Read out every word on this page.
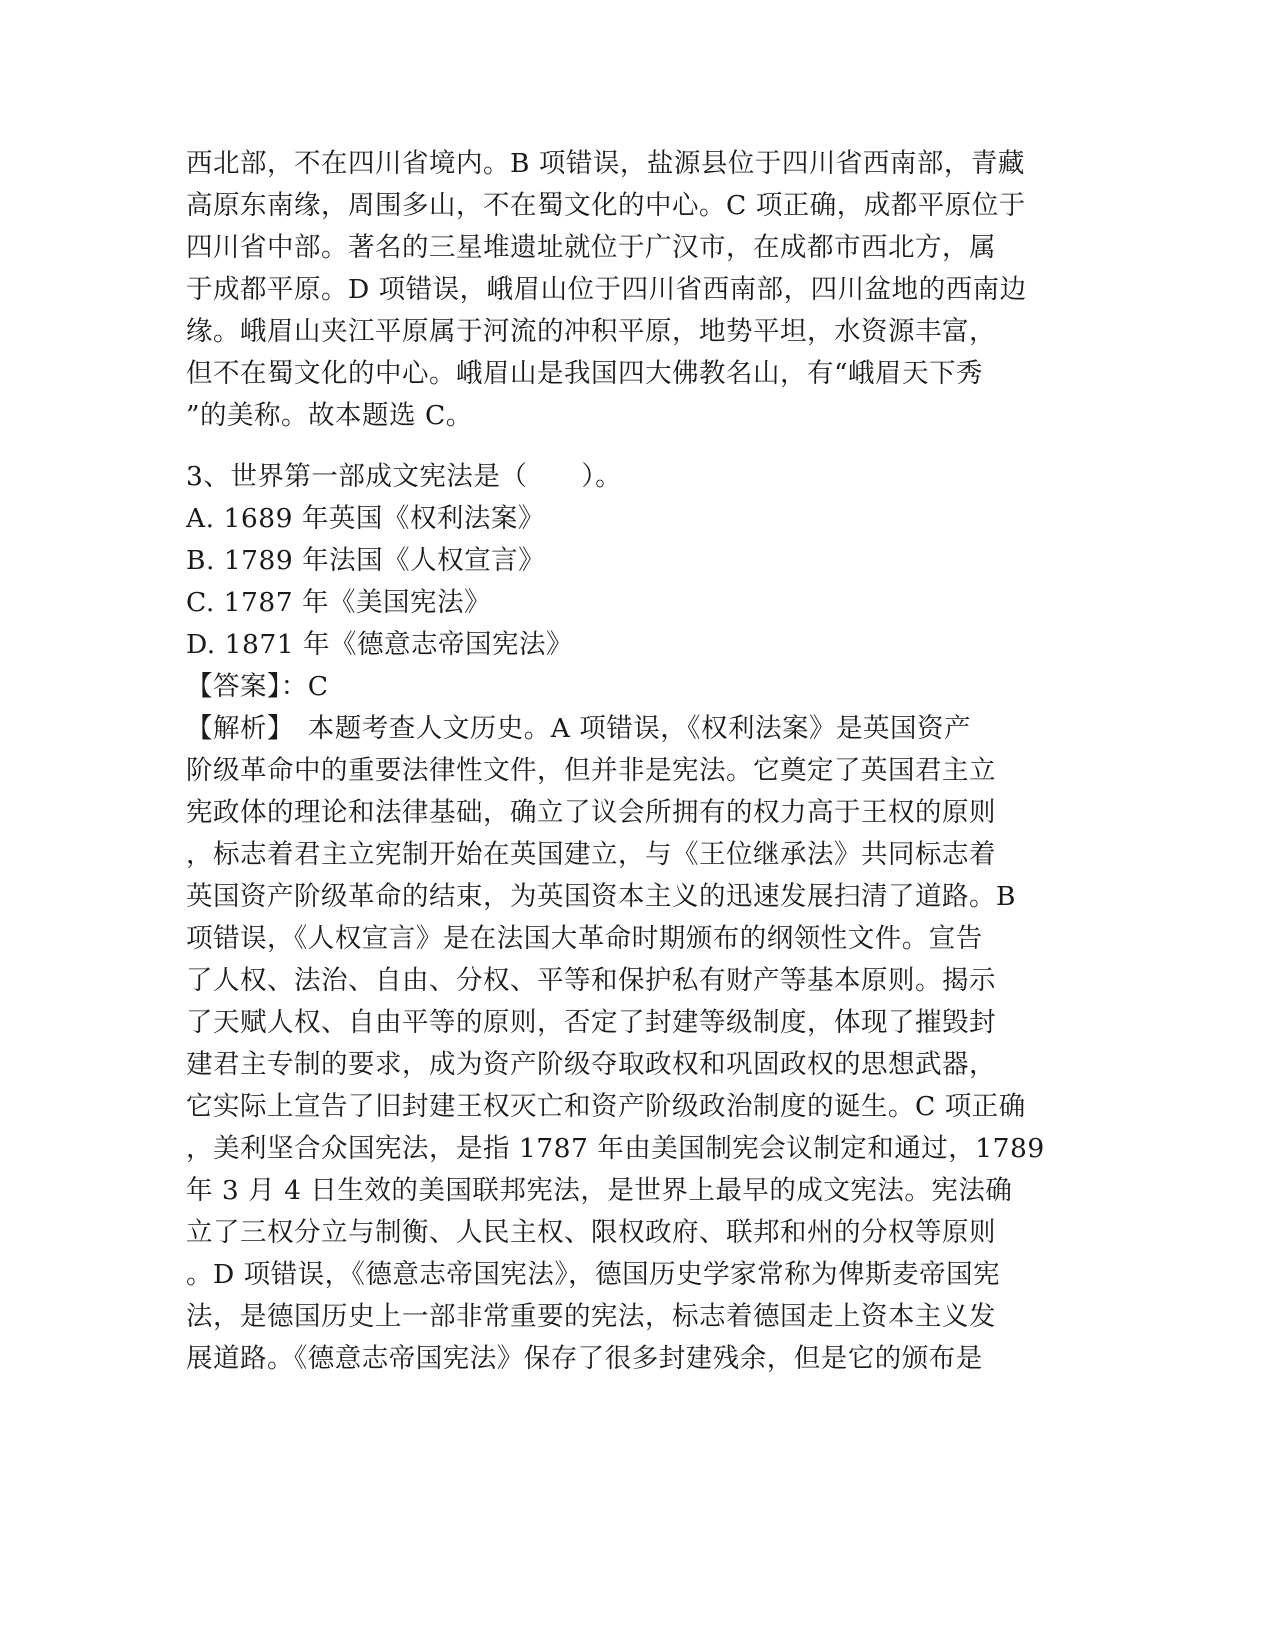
西北部，不在四川省境内。B 项错误，盐源县位于四川省西南部，青藏
高原东南缘，周围多山，不在蜀文化的中心。C 项正确，成都平原位于
四川省中部。著名的三星堆遗址就位于广汉市，在成都市西北方，属
于成都平原。D 项错误，峨眉山位于四川省西南部，四川盆地的西南边
缘。峨眉山夹江平原属于河流的冲积平原，地势平坦，水资源丰富，
但不在蜀文化的中心。峨眉山是我国四大佛教名山，有“峨眉天下秀
”的美称。故本题选 C。
3、世界第一部成文宪法是（　　）。
A. 1689 年英国《权利法案》
B. 1789 年法国《人权宣言》
C. 1787 年《美国宪法》
D. 1871 年《德意志帝国宪法》
【答案】：C
【解析】　本题考查人文历史。A 项错误，《权利法案》是英国资产
阶级革命中的重要法律性文件，但并非是宪法。它奠定了英国君主立
宪政体的理论和法律基础，确立了议会所拥有的权力高于王权的原则
，标志着君主立宪制开始在英国建立，与《王位继承法》共同标志着
英国资产阶级革命的结束，为英国资本主义的迅速发展扫清了道路。B
项错误，《人权宣言》是在法国大革命时期颁布的纲领性文件。宣告
了人权、法治、自由、分权、平等和保护私有财产等基本原则。揭示
了天赋人权、自由平等的原则，否定了封建等级制度，体现了摧毁封
建君主专制的要求，成为资产阶级夺取政权和巩固政权的思想武器，
它实际上宣告了旧封建王权灭亡和资产阶级政治制度的诞生。C 项正确
，美利坚合众国宪法，是指 1787 年由美国制宪会议制定和通过，1789
年 3 月 4 日生效的美国联邦宪法，是世界上最早的成文宪法。宪法确
立了三权分立与制衡、人民主权、限权政府、联邦和州的分权等原则
。D 项错误，《德意志帝国宪法》，德国历史学家常称为俾斯麦帝国宪
法，是德国历史上一部非常重要的宪法，标志着德国走上资本主义发
展道路。《德意志帝国宪法》保存了很多封建残余，但是它的颁布是
